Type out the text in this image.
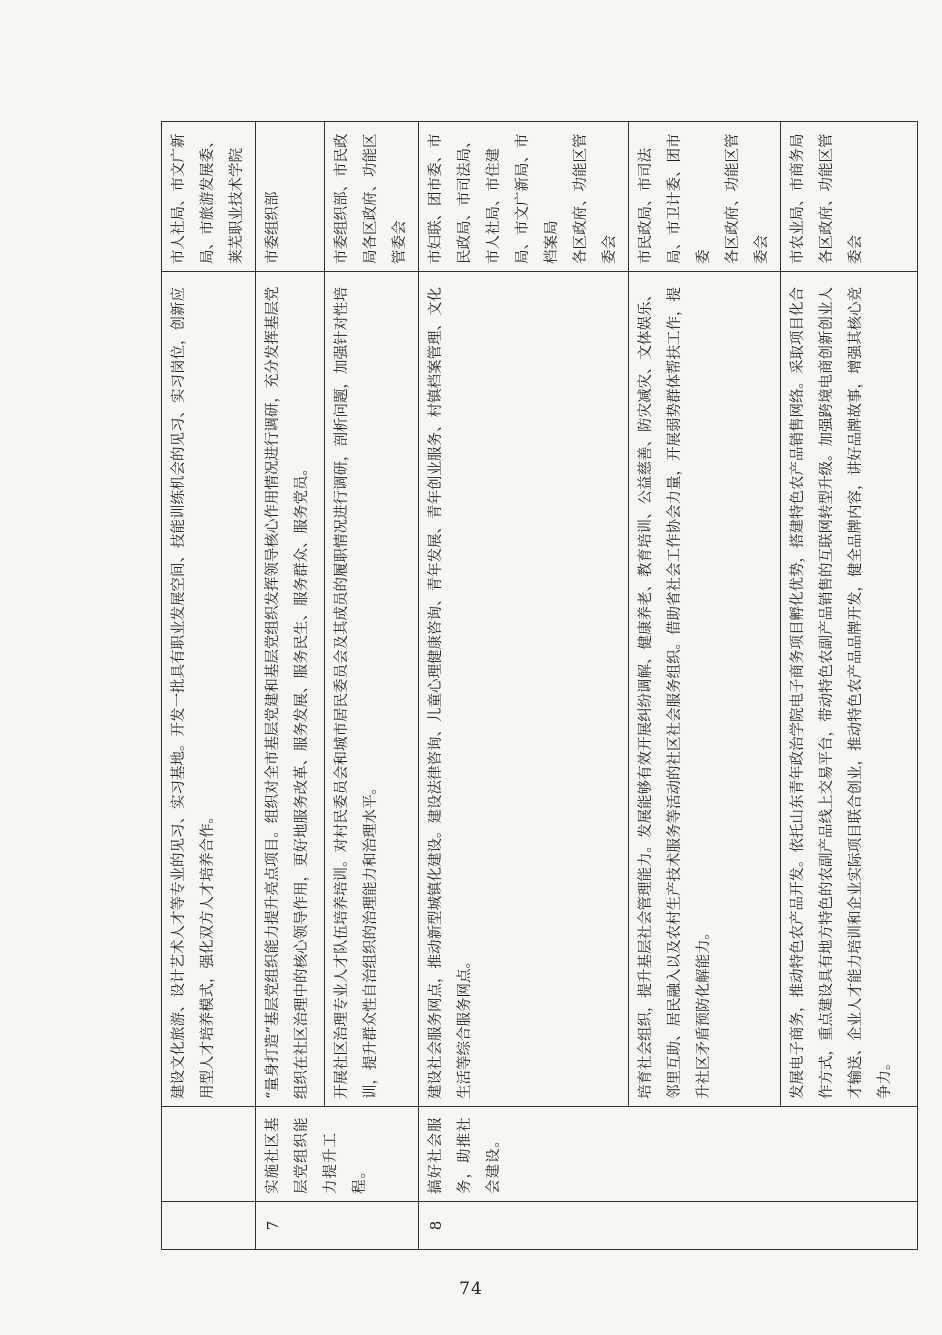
		建设文化旅游、设计艺术人才等专业的见习、实习基地。开发一批具有职业发展空间、技能训练机会的见习、实习岗位，创新应用型人才培养模式，强化双方人才培养合作。	市人社局、市文广新局、市旅游发展委、莱芜职业技术学院

7	实施社区基层党组织能力提升工程。	“量身打造”基层党组织能力提升亮点项目。组织对全市基层党建和基层党组织发挥领导核心作用情况进行调研，充分发挥基层党组织在社区治理中的核心领导作用，更好地服务改革、服务发展、服务民生、服务群众、服务党员。	市委组织部

		开展社区治理专业人才队伍培养培训。对村民委员会和城市居民委员会及其成员的履职情况进行调研，剖析问题，加强针对性培训，提升群众性自治组织的治理能力和治理水平。	市委组织部、市民政局各区政府、功能区管委会

8	搞好社会服务，助推社会建设。	建设社会服务网点，推动新型城镇化建设。建设法律咨询、儿童心理健康咨询、青年发展、青年创业服务、村镇档案管理、文化生活等综合服务网点。	市妇联、团市委、市民政局、市司法局、市人社局、市住建局、市文广新局、市档案局 各区政府、功能区管委会

		培育社会组织，提升基层社会管理能力。发展能够有效开展纠纷调解、健康养老、教育培训、公益慈善、防灾减灾、文体娱乐、邻里互助、居民融入以及农村生产技术服务等活动的社区社会服务组织。借助省社会工作协会力量，开展弱势群体帮扶工作，提升社区矛盾预防化解能力。	市民政局、市司法局、市卫计委、团市委 各区政府、功能区管委会

		发展电子商务，推动特色农产品开发。依托山东青年政治学院电子商务项目孵化优势，搭建特色农产品销售网络。采取项目化合作方式，重点建设具有地方特色的农副产品线上交易平台，带动特色农副产品销售的互联网转型升级。加强跨境电商创新创业人才输送、企业人才能力培训和企业实际项目联合创业，推动特色农产品品牌开发，健全品牌内容，讲好品牌故事，增强其核心竞争力。	市农业局、市商务局 各区政府、功能区管委会
74
